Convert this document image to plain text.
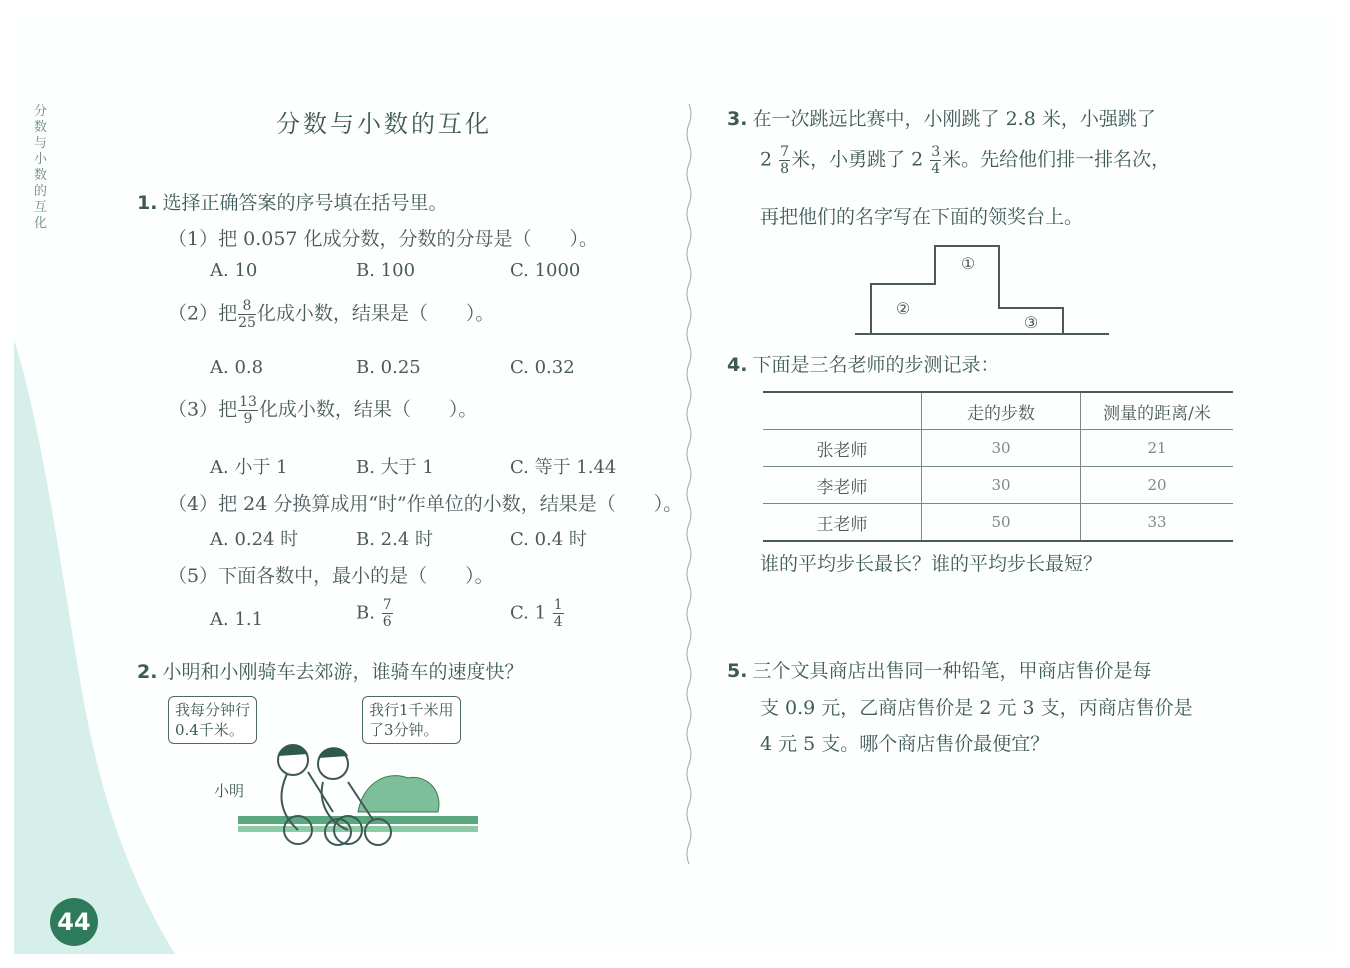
分数与小数的互化
分数与小数的互化
1. 选择正确答案的序号填在括号里。
（1）把 0.057 化成分数，分数的分母是（　　）。
A. 10	B. 100	C. 1000
（2）把 $\frac{8}{25}$ 化成小数，结果是（　　）。
A. 0.8	B. 0.25	C. 0.32
（3）把 $\frac{13}{9}$ 化成小数，结果（　　）。
A. 小于 1	B. 大于 1	C. 等于 1.44
（4）把 24 分换算成用“时”作单位的小数，结果是（　　）。
A. 0.24 时	B. 2.4 时	C. 0.4 时
（5）下面各数中，最小的是（　　）。
A. 1.1	B. $\frac{7}{6}$	C. $1 \frac{1}{4}$
2. 小明和小刚骑车去郊游，谁骑车的速度快？
我每分钟行
0.4千米。
我行1千米用
了3分钟。
小明
3. 在一次跳远比赛中，小刚跳了 2.8 米，小强跳了
$2 \frac{7}{8}$ 米，小勇跳了 $2 \frac{3}{4}$ 米。先给他们排一排名次，
再把他们的名字写在下面的领奖台上。
①
②
③
4. 下面是三名老师的步测记录：
	走的步数	测量的距离/米
张老师	30	21
李老师	30	20
王老师	50	33
谁的平均步长最长？谁的平均步长最短？
5. 三个文具商店出售同一种铅笔，甲商店售价是每
支 0.9 元，乙商店售价是 2 元 3 支，丙商店售价是
4 元 5 支。哪个商店售价最便宜？
44
